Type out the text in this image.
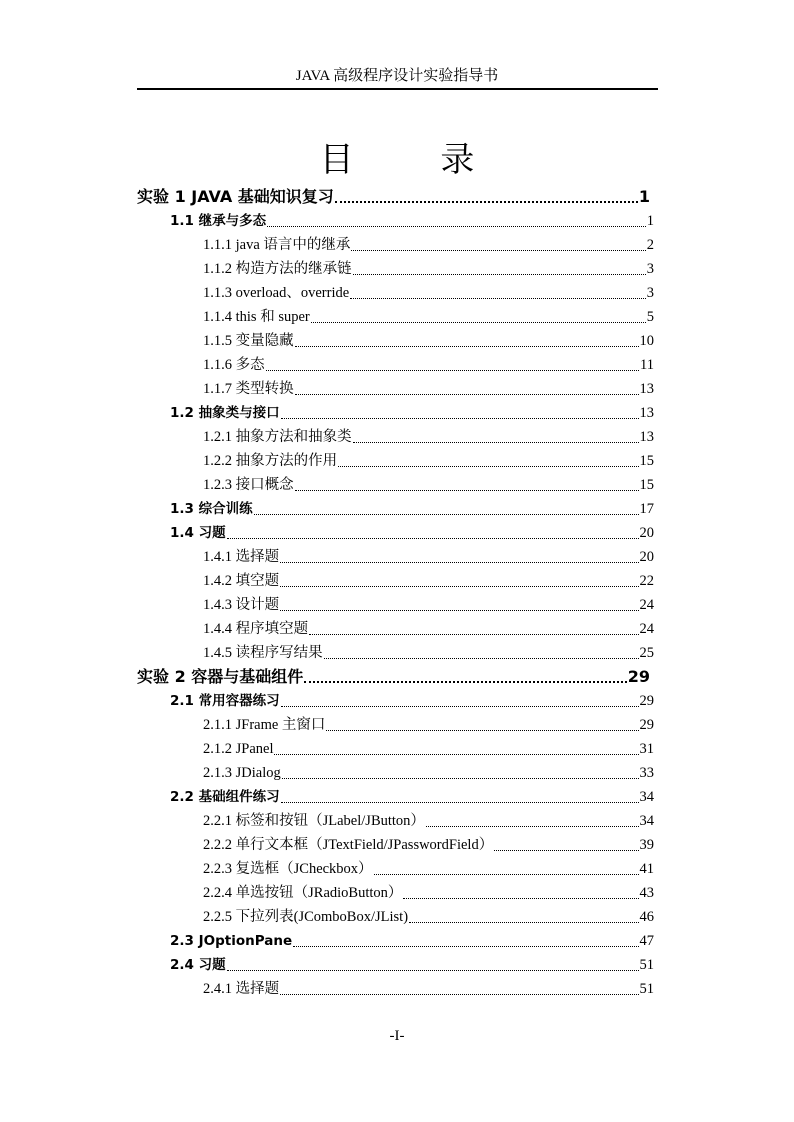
JAVA 高级程序设计实验指导书
目 录
实验 1 JAVA 基础知识复习	1
1.1 继承与多态	1
1.1.1 java 语言中的继承	2
1.1.2 构造方法的继承链	3
1.1.3 overload、override	3
1.1.4 this 和 super	5
1.1.5 变量隐藏	10
1.1.6 多态	11
1.1.7 类型转换	13
1.2 抽象类与接口	13
1.2.1 抽象方法和抽象类	13
1.2.2 抽象方法的作用	15
1.2.3 接口概念	15
1.3 综合训练	17
1.4 习题	20
1.4.1 选择题	20
1.4.2 填空题	22
1.4.3 设计题	24
1.4.4 程序填空题	24
1.4.5 读程序写结果	25
实验 2 容器与基础组件	29
2.1 常用容器练习	29
2.1.1 JFrame 主窗口	29
2.1.2 JPanel	31
2.1.3 JDialog	33
2.2 基础组件练习	34
2.2.1 标签和按钮（JLabel/JButton）	34
2.2.2 单行文本框（JTextField/JPasswordField）	39
2.2.3 复选框（JCheckbox）	41
2.2.4 单选按钮（JRadioButton）	43
2.2.5 下拉列表(JComboBox/JList)	46
2.3 JOptionPane	47
2.4 习题	51
2.4.1 选择题	51
-I-
